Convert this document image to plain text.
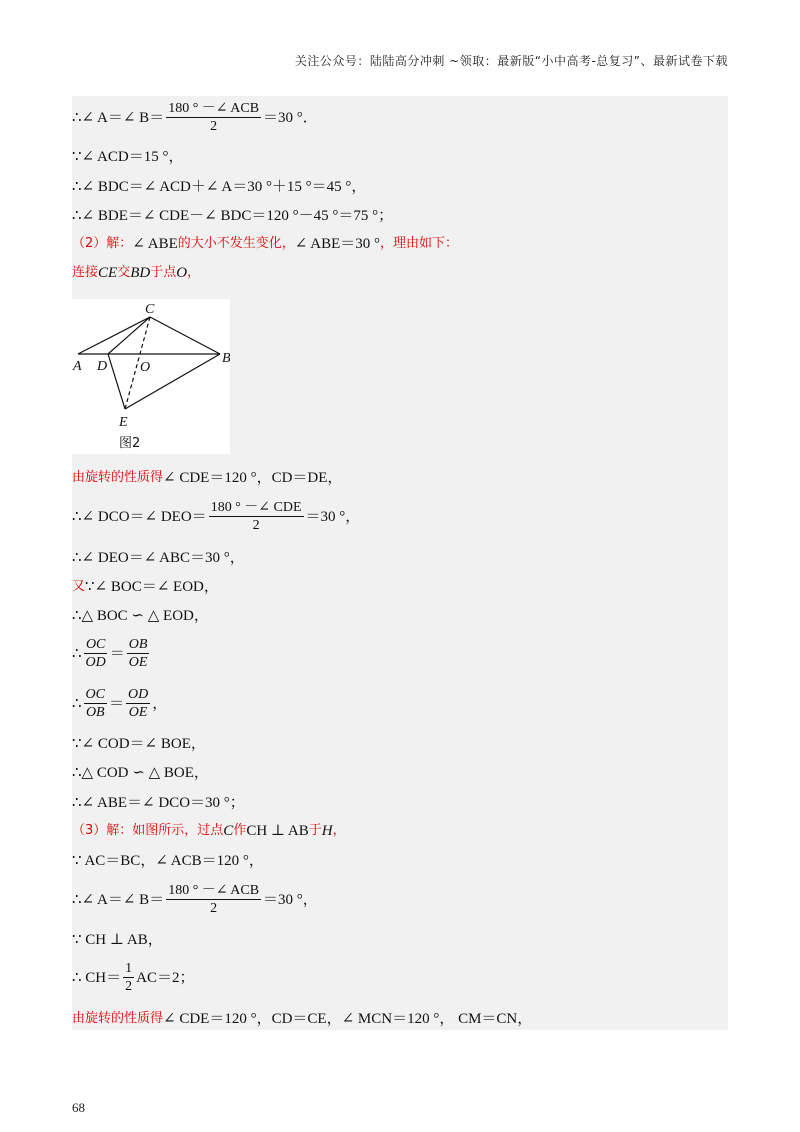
关注公众号：陆陆高分冲刺 ~领取：最新版“小中高考-总复习”、最新试卷下载
∴∠ A＝∠ $B= \frac{\text{180 ° －∠ ACB}}{2} =30$ °．
∵∠ ACD＝15 °，
∴∠ BDC＝∠ ACD＋∠ A＝30 °＋15 °＝45 °，
∴∠ BDE＝∠ CDE－∠ BDC＝120 °－45 °＝75 °；
（2）解： ∠ ABE 的大小不发生变化， ∠ ABE＝30 ° ，理由如下：
连接 CE 交 BD 于点 O ，
C
A D O
B
E
图2
由旋转的性质得 ∠ CDE＝120 °，CD＝DE，
∴∠ DCO＝∠ $DEO= \frac{\text{180 ° －∠ CDE}}{2} =30$ °，
∴∠ DEO＝∠ ABC＝30 °，
又 ∵∠ BOC＝∠ EOD，
∴△ BOC ∽ △ EOD，
∴ $\frac{OC}{OD} = \frac{OB}{OE}$
∴ $\frac{OC}{OB} = \frac{OD}{OE}$ ，
∵∠ COD＝∠ BOE，
∴△ COD ∽ △ BOE，
∴∠ ABE＝∠ DCO＝30 °；
（3）解：如图所示，过点 C 作 CH ⊥ AB 于 H ，
∵ AC＝BC，∠ ACB＝120 °，
∴∠ A＝∠ $B= \frac{\text{180 ° －∠ ACB}}{2} =30$ °，
∵ CH ⊥ AB，
∴ $CH= \frac{1}{2} AC=2$；
由旋转的性质得 ∠ CDE＝120 °，CD＝CE，∠ MCN＝120 °， CM＝CN，
68
